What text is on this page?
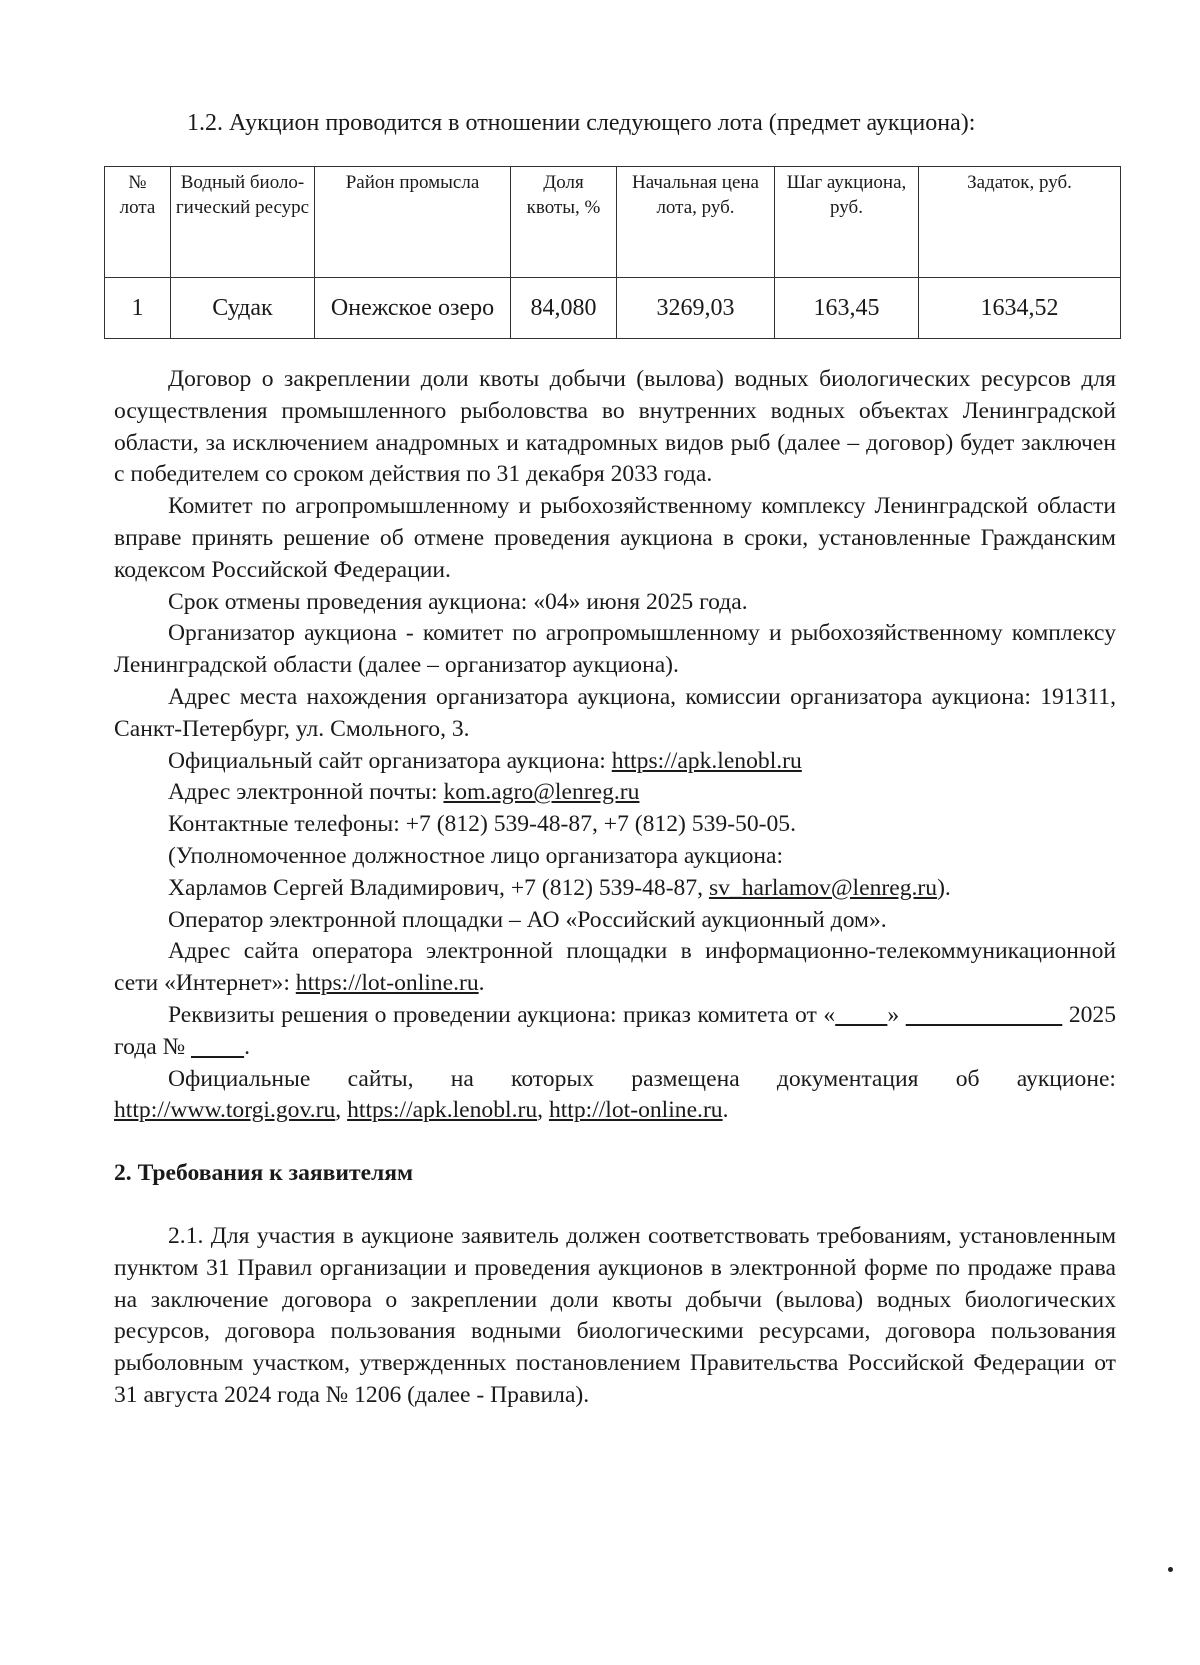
1.2. Аукцион проводится в отношении следующего лота (предмет аукциона):
№ лота	Водный биоло-гический ресурс	Район промысла	Доля квоты, %	Начальная цена лота, руб.	Шаг аукциона, руб.	Задаток, руб.
1	Судак	Онежское озеро	84,080	3269,03	163,45	1634,52

Договор о закреплении доли квоты добычи (вылова) водных биологических ресурсов для осуществления промышленного рыболовства во внутренних водных объектах Ленинградской области, за исключением анадромных и катадромных видов рыб (далее – договор) будет заключен с победителем со сроком действия по 31 декабря 2033 года.

Комитет по агропромышленному и рыбохозяйственному комплексу Ленинградской области вправе принять решение об отмене проведения аукциона в сроки, установленные Гражданским кодексом Российской Федерации.

Срок отмены проведения аукциона: «04» июня 2025 года.

Организатор аукциона - комитет по агропромышленному и рыбохозяйственному комплексу Ленинградской области (далее – организатор аукциона).

Адрес места нахождения организатора аукциона, комиссии организатора аукциона: 191311, Санкт-Петербург, ул. Смольного, 3.

Официальный сайт организатора аукциона: https://apk.lenobl.ru

Адрес электронной почты: kom.agro@lenreg.ru

Контактные телефоны: +7 (812) 539-48-87, +7 (812) 539-50-05.

(Уполномоченное должностное лицо организатора аукциона:

Харламов Сергей Владимирович, +7 (812) 539-48-87, sv_harlamov@lenreg.ru).

Оператор электронной площадки – АО «Российский аукционный дом».

Адрес сайта оператора электронной площадки в информационно-телекоммуникационной сети «Интернет»: https://lot-online.ru.

Реквизиты решения о проведении аукциона: приказ комитета от « »	2025 года №          .

Официальные сайты, на которых размещена документация об аукционе: http://www.torgi.gov.ru, https://apk.lenobl.ru, http://lot-online.ru.

2. Требования к заявителям

2.1. Для участия в аукционе заявитель должен соответствовать требованиям, установленным пунктом 31 Правил организации и проведения аукционов в электронной форме по продаже права на заключение договора о закреплении доли квоты добычи (вылова) водных биологических ресурсов, договора пользования водными биологическими ресурсами, договора пользования рыболовным участком, утвержденных постановлением Правительства Российской Федерации от 31 августа 2024 года № 1206 (далее - Правила).
